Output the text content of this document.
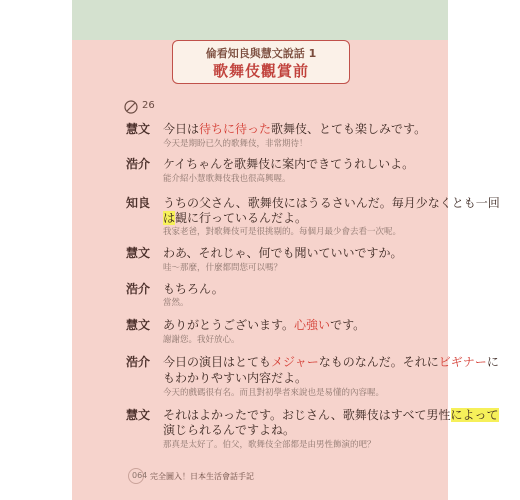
倫看知良與慧文說話 1
歌舞伎觀賞前
26
慧文 今日は待ちに待った歌舞伎、とても楽しみです。
今天是期盼已久的歌舞伎，非常期待！
浩介 ケイちゃんを歌舞伎に案内できてうれしいよ。
能介紹小慧歌舞伎我也很高興喔。
知良 うちの父さん、歌舞伎にはうるさいんだ。毎月少なくとも一回
は観に行っているんだよ。
我家老爸，對歌舞伎可是很挑剔的。每個月最少會去看一次呢。
慧文 わあ、それじゃ、何でも聞いていいですか。
哇～那麼，什麼都問您可以嗎？
浩介 もちろん。
當然。
慧文 ありがとうございます。心強いです。
謝謝您。我好放心。
浩介 今日の演目はとてもメジャーなものなんだ。それにビギナーに
もわかりやすい内容だよ。
今天的戲碼很有名。而且對初學者來說也是易懂的內容喔。
慧文 それはよかったです。おじさん、歌舞伎はすべて男性によって
演じられるんですよね。
那真是太好了。伯父，歌舞伎全部都是由男性飾演的吧？
064 完全圖入！日本生活會話手記
